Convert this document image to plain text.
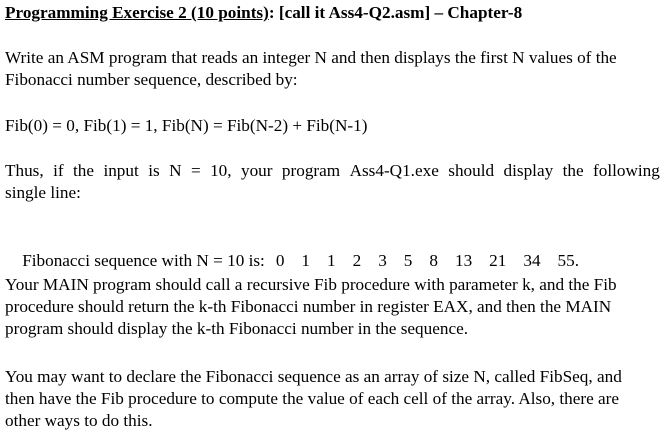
Programming Exercise 2 (10 points): [call it Ass4-Q2.asm] – Chapter-8
Write an ASM program that reads an integer N and then displays the first N values of the
Fibonacci number sequence, described by:
Fib(0) = 0, Fib(1) = 1, Fib(N) = Fib(N-2) + Fib(N-1)
Thus, if the input is N = 10, your program Ass4-Q1.exe should display the following
single line:

Fibonacci sequence with N = 10 is: 0 1 1 2 3 5 8 13 21 34 55.

Your MAIN program should call a recursive Fib procedure with parameter k, and the Fib
procedure should return the k-th Fibonacci number in register EAX, and then the MAIN
program should display the k-th Fibonacci number in the sequence.
You may want to declare the Fibonacci sequence as an array of size N, called FibSeq, and
then have the Fib procedure to compute the value of each cell of the array. Also, there are
other ways to do this.
